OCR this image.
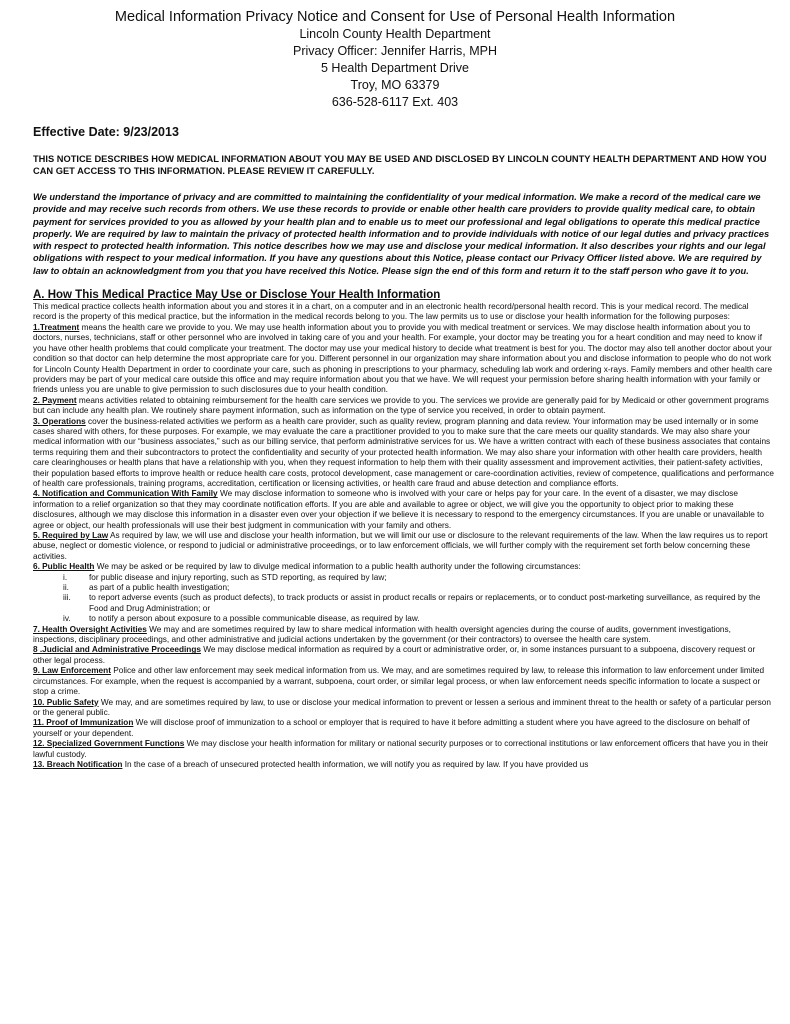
Medical Information Privacy Notice and Consent for Use of Personal Health Information
Lincoln County Health Department
Privacy Officer: Jennifer Harris, MPH
5 Health Department Drive
Troy, MO 63379
636-528-6117 Ext. 403
Effective Date: 9/23/2013
THIS NOTICE DESCRIBES HOW MEDICAL INFORMATION ABOUT YOU MAY BE USED AND DISCLOSED BY LINCOLN COUNTY HEALTH DEPARTMENT AND HOW YOU CAN GET ACCESS TO THIS INFORMATION. PLEASE REVIEW IT CAREFULLY.
We understand the importance of privacy and are committed to maintaining the confidentiality of your medical information. We make a record of the medical care we provide and may receive such records from others. We use these records to provide or enable other health care providers to provide quality medical care, to obtain payment for services provided to you as allowed by your health plan and to enable us to meet our professional and legal obligations to operate this medical practice properly. We are required by law to maintain the privacy of protected health information and to provide individuals with notice of our legal duties and privacy practices with respect to protected health information. This notice describes how we may use and disclose your medical information. It also describes your rights and our legal obligations with respect to your medical information. If you have any questions about this Notice, please contact our Privacy Officer listed above. We are required by law to obtain an acknowledgment from you that you have received this Notice. Please sign the end of this form and return it to the staff person who gave it to you.
A. How This Medical Practice May Use or Disclose Your Health Information

This medical practice collects health information about you and stores it in a chart, on a computer and in an electronic health record/personal health record. This is your medical record. The medical record is the property of this medical practice, but the information in the medical records belong to you. The law permits us to use or disclose your health information for the following purposes:

1.Treatment means the health care we provide to you. We may use health information about you to provide you with medical treatment or services. We may disclose health information about you to doctors, nurses, technicians, staff or other personnel who are involved in taking care of you and your health. For example, your doctor may be treating you for a heart condition and may need to know if you have other health problems that could complicate your treatment. The doctor may use your medical history to decide what treatment is best for you. The doctor may also tell another doctor about your condition so that doctor can help determine the most appropriate care for you. Different personnel in our organization may share information about you and disclose information to people who do not work for Lincoln County Health Department in order to coordinate your care, such as phoning in prescriptions to your pharmacy, scheduling lab work and ordering x-rays. Family members and other health care providers may be part of your medical care outside this office and may require information about you that we have. We will request your permission before sharing health information with your family or friends unless you are unable to give permission to such disclosures due to your health condition.

2. Payment means activities related to obtaining reimbursement for the health care services we provide to you. The services we provide are generally paid for by Medicaid or other government programs but can include any health plan. We routinely share payment information, such as information on the type of service you received, in order to obtain payment.

3. Operations cover the business-related activities we perform as a health care provider, such as quality review, program planning and data review. Your information may be used internally or in some cases shared with others, for these purposes. For example, we may evaluate the care a practitioner provided to you to make sure that the care meets our quality standards. We may also share your medical information with our “business associates,” such as our billing service, that perform administrative services for us. We have a written contract with each of these business associates that contains terms requiring them and their subcontractors to protect the confidentiality and security of your protected health information. We may also share your information with other health care providers, health care clearinghouses or health plans that have a relationship with you, when they request information to help them with their quality assessment and improvement activities, their patient-safety activities, their population based efforts to improve health or reduce health care costs, protocol development, case management or care-coordination activities, review of competence, qualifications and performance of health care professionals, training programs, accreditation, certification or licensing activities, or health care fraud and abuse detection and compliance efforts.

4. Notification and Communication With Family We may disclose information to someone who is involved with your care or helps pay for your care. In the event of a disaster, we may disclose information to a relief organization so that they may coordinate notification efforts. If you are able and available to agree or object, we will give you the opportunity to object prior to making these disclosures, although we may disclose this information in a disaster even over your objection if we believe it is necessary to respond to the emergency circumstances. If you are unable or unavailable to agree or object, our health professionals will use their best judgment in communication with your family and others.

5. Required by Law As required by law, we will use and disclose your health information, but we will limit our use or disclosure to the relevant requirements of the law. When the law requires us to report abuse, neglect or domestic violence, or respond to judicial or administrative proceedings, or to law enforcement officials, we will further comply with the requirement set forth below concerning these activities.

6. Public Health We may be asked or be required by law to divulge medical information to a public health authority under the following circumstances:

i.	for public disease and injury reporting, such as STD reporting, as required by law;
ii. as part of a public health investigation;
iii. to report adverse events (such as product defects), to track products or assist in product recalls or repairs or replacements, or to conduct post-marketing surveillance, as required by the Food and Drug Administration; or
iv. to notify a person about exposure to a possible communicable disease, as required by law.

7. Health Oversight Activities We may and are sometimes required by law to share medical information with health oversight agencies during the course of audits, government investigations, inspections, disciplinary proceedings, and other administrative and judicial actions undertaken by the government (or their contractors) to oversee the health care system.

8 .Judicial and Administrative Proceedings We may disclose medical information as required by a court or administrative order, or, in some instances pursuant to a subpoena, discovery request or other legal process.

9. Law Enforcement Police and other law enforcement may seek medical information from us. We may, and are sometimes required by law, to release this information to law enforcement under limited circumstances. For example, when the request is accompanied by a warrant, subpoena, court order, or similar legal process, or when law enforcement needs specific information to locate a suspect or stop a crime.

10. Public Safety We may, and are sometimes required by law, to use or disclose your medical information to prevent or lessen a serious and imminent threat to the health or safety of a particular person or the general public.

11. Proof of Immunization We will disclose proof of immunization to a school or employer that is required to have it before admitting a student where you have agreed to the disclosure on behalf of yourself or your dependent.

12. Specialized Government Functions We may disclose your health information for military or national security purposes or to correctional institutions or law enforcement officers that have you in their lawful custody.

13. Breach Notification In the case of a breach of unsecured protected health information, we will notify you as required by law. If you have provided us
